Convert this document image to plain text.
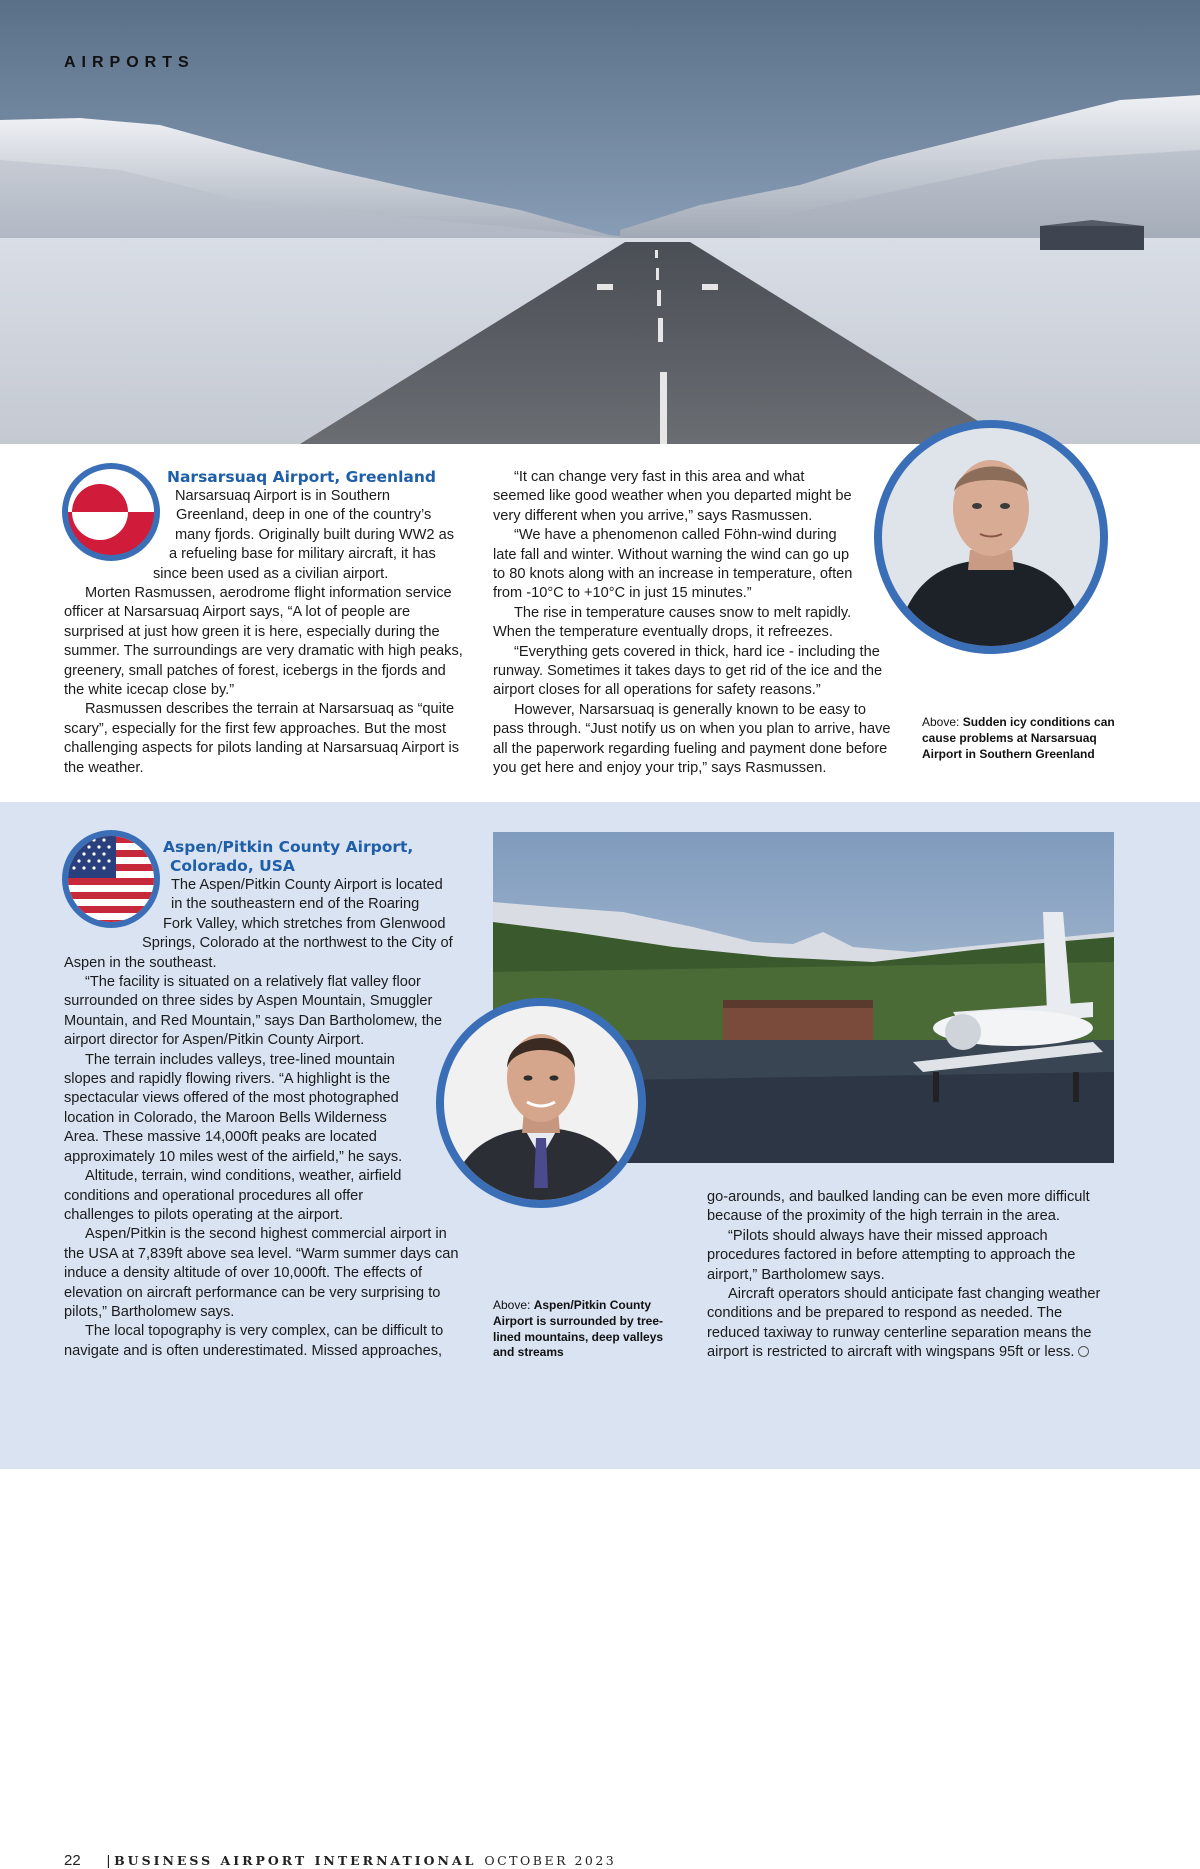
AIRPORTS
Narsarsuaq Airport, Greenland
Narsarsuaq Airport is in Southern
Greenland, deep in one of the country’s
many fjords. Originally built during WW2 as
a refueling base for military aircraft, it has
since been used as a civilian airport.

Morten Rasmussen, aerodrome flight information service officer at Narsarsuaq Airport says, “A lot of people are surprised at just how green it is here, especially during the summer. The surroundings are very dramatic with high peaks, greenery, small patches of forest, icebergs in the fjords and the white icecap close by.”

Rasmussen describes the terrain at Narsarsuaq as “quite scary”, especially for the first few approaches. But the most challenging aspects for pilots landing at Narsarsuaq Airport is the weather.

“It can change very fast in this area and what seemed like good weather when you departed might be very different when you arrive,” says Rasmussen.

“We have a phenomenon called Föhn-wind during late fall and winter. Without warning the wind can go up to 80 knots along with an increase in temperature, often from -10°C to +10°C in just 15 minutes.”

The rise in temperature causes snow to melt rapidly. When the temperature eventually drops, it refreezes.

“Everything gets covered in thick, hard ice - including the runway. Sometimes it takes days to get rid of the ice and the airport closes for all operations for safety reasons.”

However, Narsarsuaq is generally known to be easy to pass through. “Just notify us on when you plan to arrive, have all the paperwork regarding fueling and payment done before you get here and enjoy your trip,” says Rasmussen.

Above: Sudden icy conditions can cause problems at Narsarsuaq Airport in Southern Greenland
Aspen/Pitkin County Airport,
Colorado, USA
The Aspen/Pitkin County Airport is located
in the southeastern end of the Roaring
Fork Valley, which stretches from Glenwood
Springs, Colorado at the northwest to the City of
Aspen in the southeast.

“The facility is situated on a relatively flat valley floor surrounded on three sides by Aspen Mountain, Smuggler Mountain, and Red Mountain,” says Dan Bartholomew, the airport director for Aspen/Pitkin County Airport.

The terrain includes valleys, tree-lined mountain slopes and rapidly flowing rivers. “A highlight is the spectacular views offered of the most photographed location in Colorado, the Maroon Bells Wilderness Area. These massive 14,000ft peaks are located approximately 10 miles west of the airfield,” he says.

Altitude, terrain, wind conditions, weather, airfield conditions and operational procedures all offer challenges to pilots operating at the airport.

Aspen/Pitkin is the second highest commercial airport in the USA at 7,839ft above sea level. “Warm summer days can induce a density altitude of over 10,000ft. The effects of elevation on aircraft performance can be very surprising to pilots,” Bartholomew says.

The local topography is very complex, can be difficult to navigate and is often underestimated. Missed approaches,

Above: Aspen/Pitkin County Airport is surrounded by tree-lined mountains, deep valleys and streams

go-arounds, and baulked landing can be even more difficult because of the proximity of the high terrain in the area.

“Pilots should always have their missed approach procedures factored in before attempting to approach the airport,” Bartholomew says.

Aircraft operators should anticipate fast changing weather conditions and be prepared to respond as needed. The reduced taxiway to runway centerline separation means the airport is restricted to aircraft with wingspans 95ft or less.

22 | BUSINESS AIRPORT INTERNATIONAL OCTOBER 2023
